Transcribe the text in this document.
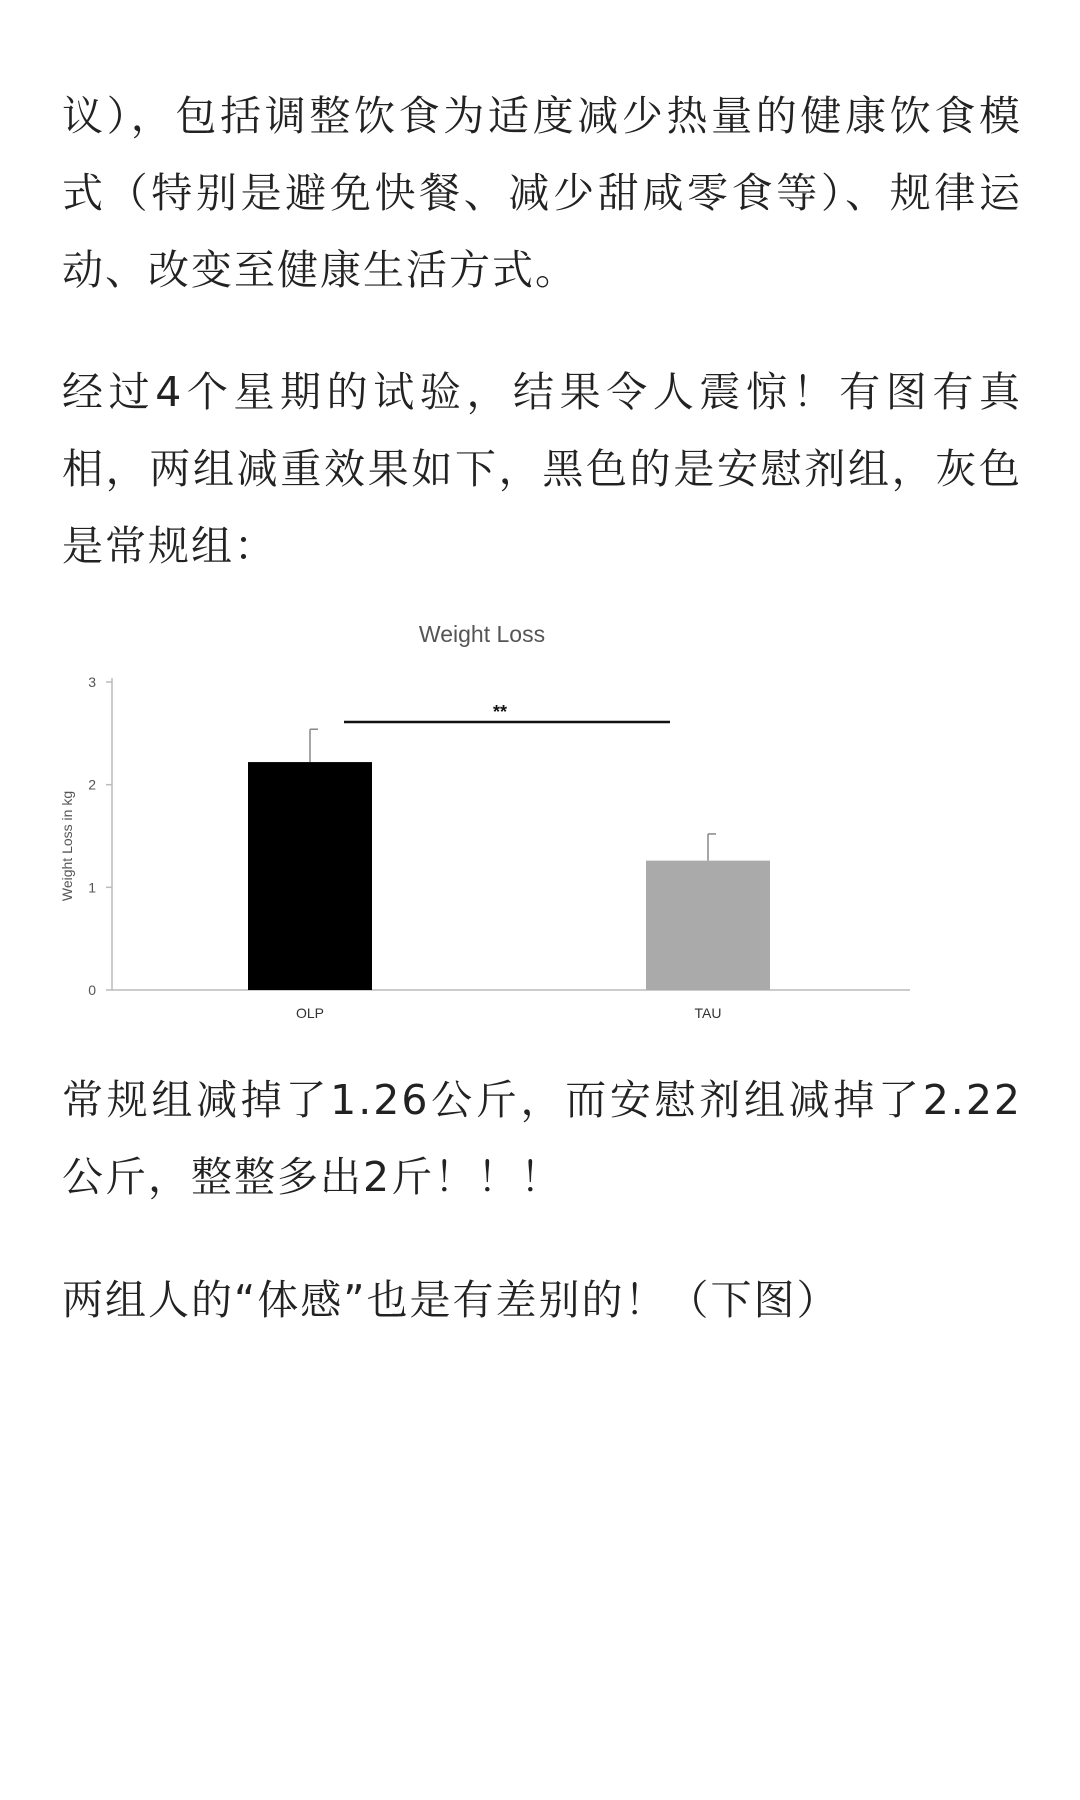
议），包括调整饮食为适度减少热量的健康饮食模式（特别是避免快餐、减少甜咸零食等）、规律运动、改变至健康生活方式。

经过4个星期的试验，结果令人震惊！有图有真相，两组减重效果如下，黑色的是安慰剂组，灰色是常规组：

Weight Loss
0
1
2
3
Weight Loss in kg
OLP	TAU
**

常规组减掉了1.26公斤，而安慰剂组减掉了2.22公斤，整整多出2斤！！！

两组人的“体感”也是有差别的！（下图）
